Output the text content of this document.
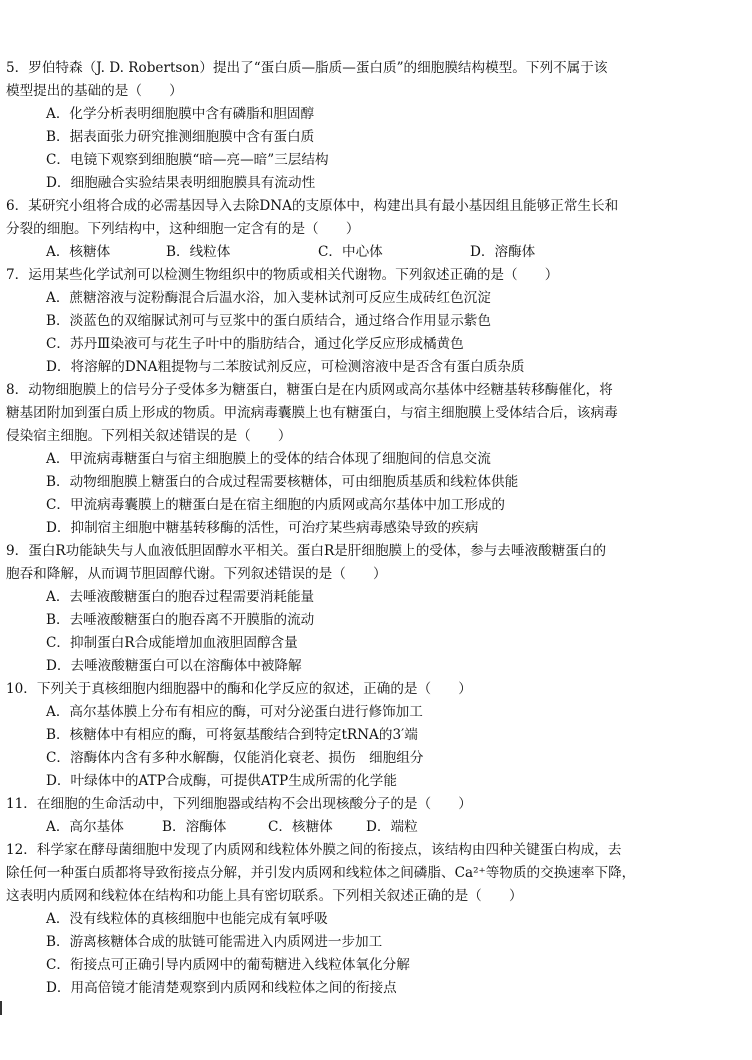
5．罗伯特森（J. D. Robertson）提出了“蛋白质—脂质—蛋白质”的细胞膜结构模型。下列不属于该
模型提出的基础的是（　　）
A．化学分析表明细胞膜中含有磷脂和胆固醇
B．据表面张力研究推测细胞膜中含有蛋白质
C．电镜下观察到细胞膜“暗—亮—暗”三层结构
D．细胞融合实验结果表明细胞膜具有流动性
6．某研究小组将合成的必需基因导入去除DNA的支原体中，构建出具有最小基因组且能够正常生长和
分裂的细胞。下列结构中，这种细胞一定含有的是（　　）
A．核糖体	B．线粒体	C．中心体	D．溶酶体
7．运用某些化学试剂可以检测生物组织中的物质或相关代谢物。下列叙述正确的是（　　）
A．蔗糖溶液与淀粉酶混合后温水浴，加入斐林试剂可反应生成砖红色沉淀
B．淡蓝色的双缩脲试剂可与豆浆中的蛋白质结合，通过络合作用显示紫色
C．苏丹Ⅲ染液可与花生子叶中的脂肪结合，通过化学反应形成橘黄色
D．将溶解的DNA粗提物与二苯胺试剂反应，可检测溶液中是否含有蛋白质杂质
8．动物细胞膜上的信号分子受体多为糖蛋白，糖蛋白是在内质网或高尔基体中经糖基转移酶催化，将
糖基团附加到蛋白质上形成的物质。甲流病毒囊膜上也有糖蛋白，与宿主细胞膜上受体结合后，该病毒
侵染宿主细胞。下列相关叙述错误的是（　　）
A．甲流病毒糖蛋白与宿主细胞膜上的受体的结合体现了细胞间的信息交流
B．动物细胞膜上糖蛋白的合成过程需要核糖体，可由细胞质基质和线粒体供能
C．甲流病毒囊膜上的糖蛋白是在宿主细胞的内质网或高尔基体中加工形成的
D．抑制宿主细胞中糖基转移酶的活性，可治疗某些病毒感染导致的疾病
9．蛋白R功能缺失与人血液低胆固醇水平相关。蛋白R是肝细胞膜上的受体，参与去唾液酸糖蛋白的
胞吞和降解，从而调节胆固醇代谢。下列叙述错误的是（　　）
A．去唾液酸糖蛋白的胞吞过程需要消耗能量
B．去唾液酸糖蛋白的胞吞离不开膜脂的流动
C．抑制蛋白R合成能增加血液胆固醇含量
D．去唾液酸糖蛋白可以在溶酶体中被降解
10．下列关于真核细胞内细胞器中的酶和化学反应的叙述，正确的是（　　）
A．高尔基体膜上分布有相应的酶，可对分泌蛋白进行修饰加工
B．核糖体中有相应的酶，可将氨基酸结合到特定tRNA的3′端
C．溶酶体内含有多种水解酶，仅能消化衰老、损伤　细胞组分
D．叶绿体中的ATP合成酶，可提供ATP生成所需的化学能
11．在细胞的生命活动中，下列细胞器或结构不会出现核酸分子的是（　　）
A．高尔基体	B．溶酶体	C．核糖体 D．端粒
12．科学家在酵母菌细胞中发现了内质网和线粒体外膜之间的衔接点，该结构由四种关键蛋白构成，去
除任何一种蛋白质都将导致衔接点分解，并引发内质网和线粒体之间磷脂、Ca²⁺等物质的交换速率下降，
这表明内质网和线粒体在结构和功能上具有密切联系。下列相关叙述正确的是（　　）
A．没有线粒体的真核细胞中也能完成有氧呼吸
B．游离核糖体合成的肽链可能需进入内质网进一步加工
C．衔接点可正确引导内质网中的葡萄糖进入线粒体氧化分解
D．用高倍镜才能清楚观察到内质网和线粒体之间的衔接点
